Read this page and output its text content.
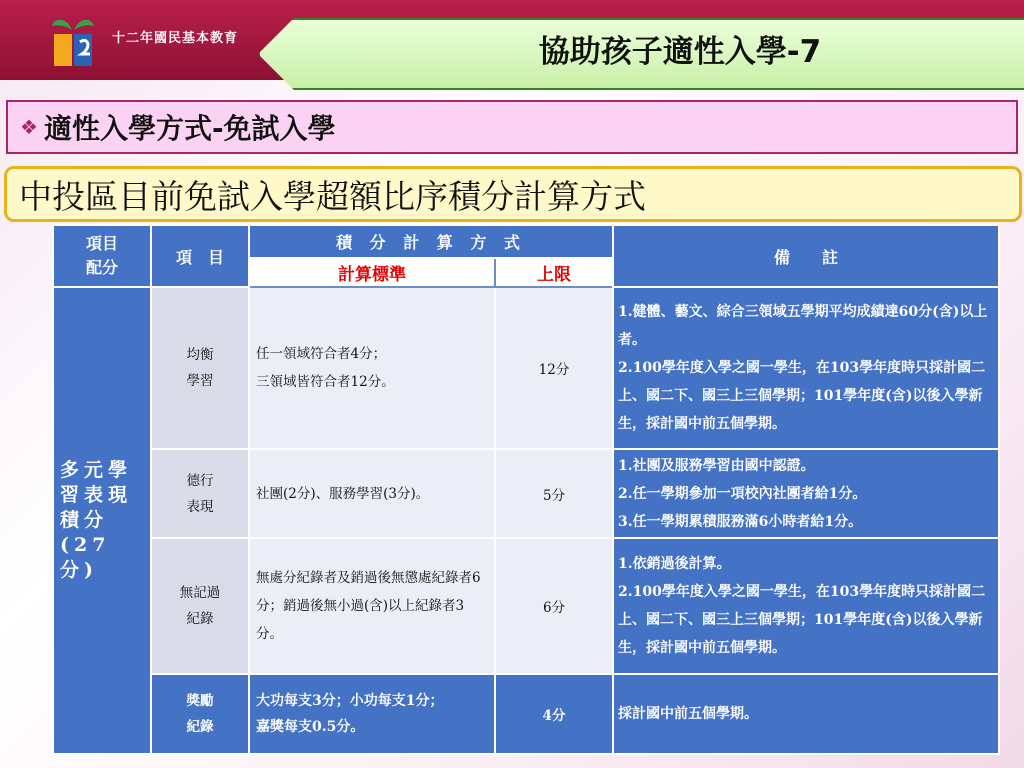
十二年國民基本教育	協助孩子適性入學-7
❖ 適性入學方式-免試入學
中投區目前免試入學超額比序積分計算方式
項目
配分	項　目	積 分 計 算 方 式		備　　註
		計算標準	上限	
多元學
習表現
積分
(27分)	均衡
學習	任一領域符合者4分；
三領域皆符合者12分。	12分	1.健體、藝文、綜合三領域五學期平均成績達60分(含)以上者。
2.100學年度入學之國一學生，在103學年度時只採計國二上、國二下、國三上三個學期；101學年度(含)以後入學新生，採計國中前五個學期。
	德行
表現	社團(2分)、服務學習(3分)。	5分	1.社團及服務學習由國中認證。
2.任一學期參加一項校內社團者給1分。
3.任一學期累積服務滿6小時者給1分。
	無記過
紀錄	無處分紀錄者及銷過後無懲處紀錄者6分；銷過後無小過(含)以上紀錄者3分。	6分	1.依銷過後計算。
2.100學年度入學之國一學生，在103學年度時只採計國二上、國二下、國三上三個學期；101學年度(含)以後入學新生，採計國中前五個學期。
	獎勵
紀錄	大功每支3分；小功每支1分；
嘉獎每支0.5分。	4分	採計國中前五個學期。
